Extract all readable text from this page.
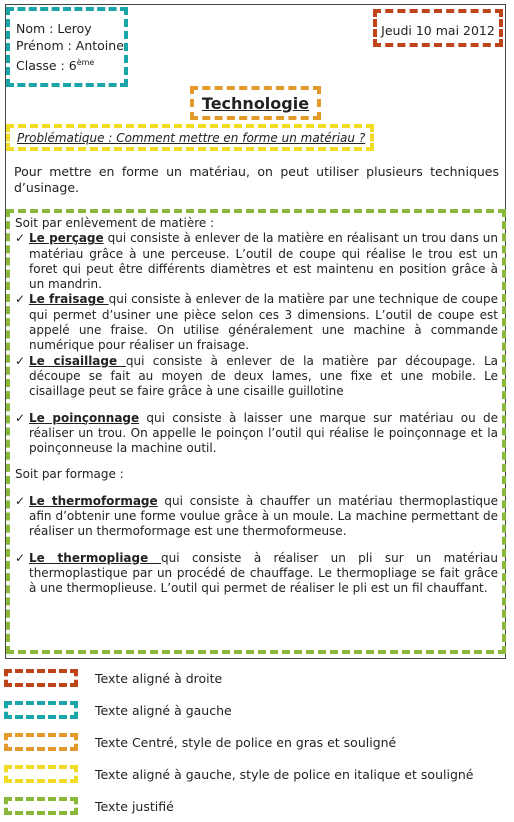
Nom : Leroy
Prénom : Antoine
Classe : 6ème
Jeudi 10 mai 2012
Technologie
Problématique : Comment mettre en forme un matériau ?
Pour mettre en forme un matériau, on peut utiliser plusieurs techniques d’usinage.
Soit par enlèvement de matière :
✓ Le perçage qui consiste à enlever de la matière en réalisant un trou dans un matériau grâce à une perceuse. L’outil de coupe qui réalise le trou est un foret qui peut être différents diamètres et est maintenu en position grâce à un mandrin.
✓ Le fraisage qui consiste à enlever de la matière par une technique de coupe qui permet d’usiner une pièce selon ces 3 dimensions. L’outil de coupe est appelé une fraise. On utilise généralement une machine à commande numérique pour réaliser un fraisage.
✓ Le cisaillage qui consiste à enlever de la matière par découpage. La découpe se fait au moyen de deux lames, une fixe et une mobile. Le cisaillage peut se faire grâce à une cisaille guillotine
✓ Le poinçonnage qui consiste à laisser une marque sur matériau ou de réaliser un trou. On appelle le poinçon l’outil qui réalise le poinçonnage et la poinçonneuse la machine outil.
Soit par formage :
✓ Le thermoformage qui consiste à chauffer un matériau thermoplastique afin d’obtenir une forme voulue grâce à un moule. La machine permettant de réaliser un thermoformage est une thermoformeuse.
✓ Le thermopliage qui consiste à réaliser un pli sur un matériau thermoplastique par un procédé de chauffage. Le thermopliage se fait grâce à une thermoplieuse. L’outil qui permet de réaliser le pli est un fil chauffant.
Texte aligné à droite
Texte aligné à gauche
Texte Centré, style de police en gras et souligné
Texte aligné à gauche, style de police en italique et souligné
Texte justifié
